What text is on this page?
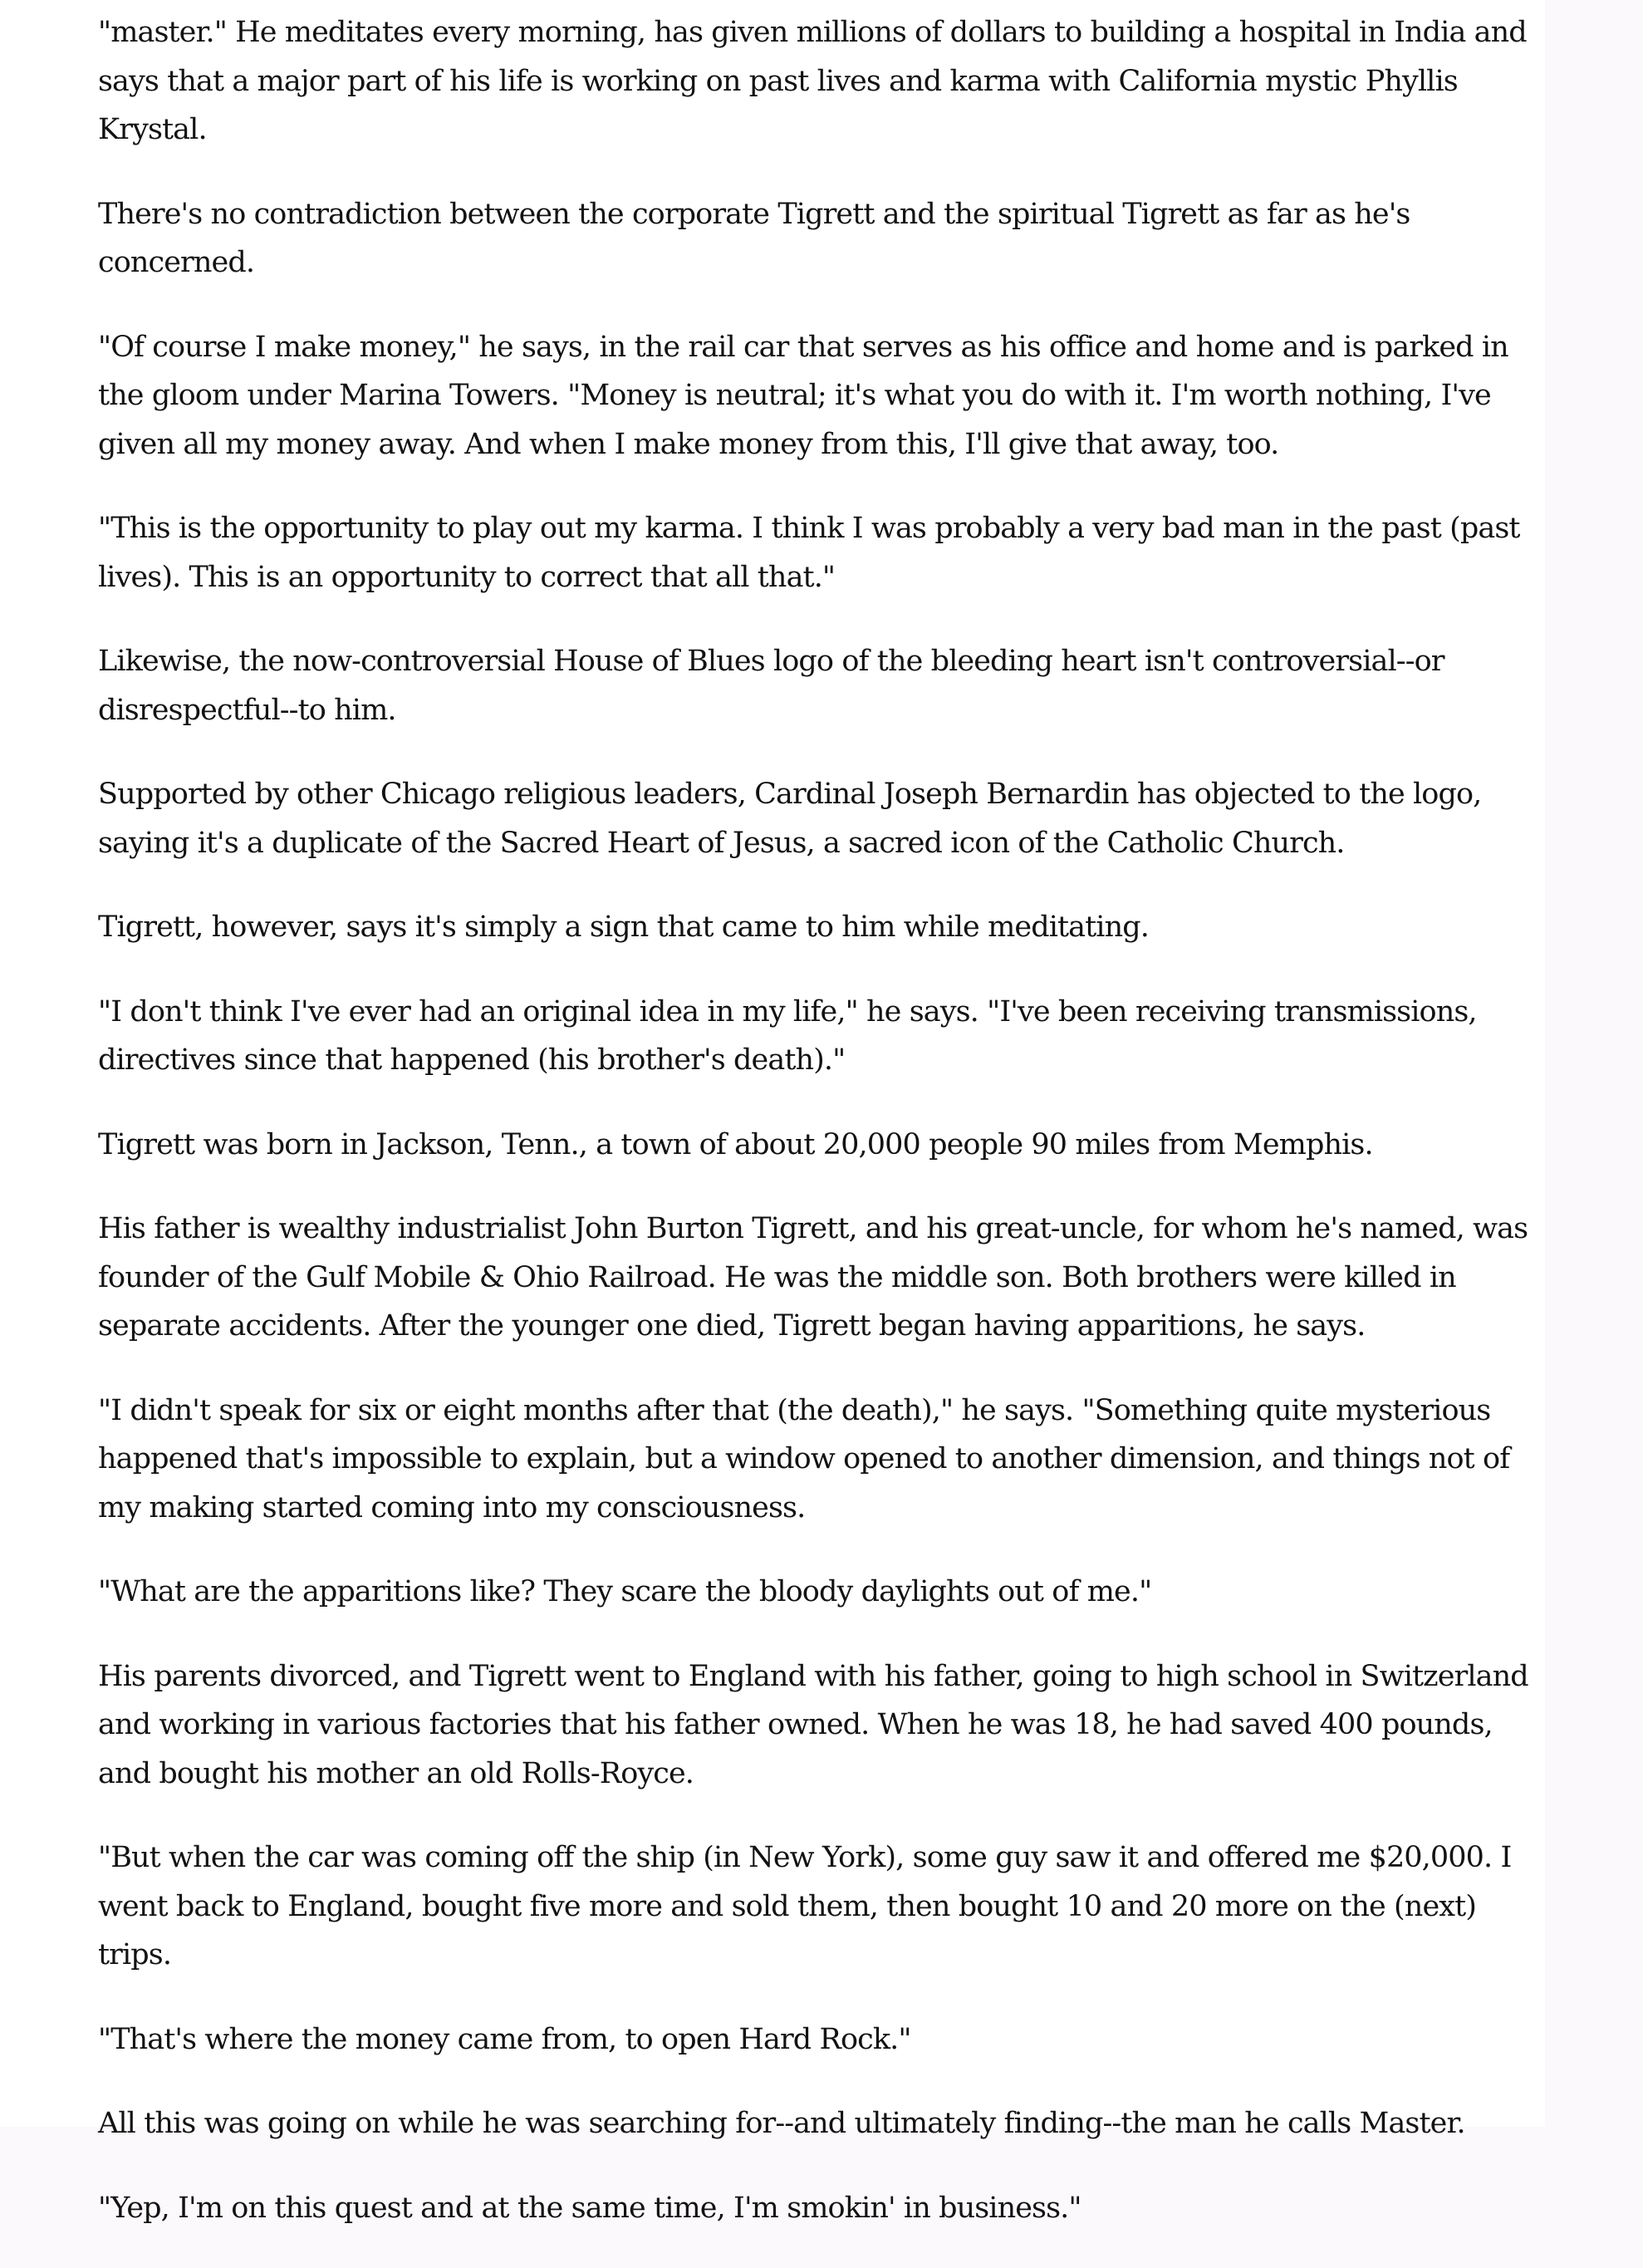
"master." He meditates every morning, has given millions of dollars to building a hospital in India and says that a major part of his life is working on past lives and karma with California mystic Phyllis Krystal.

There's no contradiction between the corporate Tigrett and the spiritual Tigrett as far as he's concerned.

"Of course I make money," he says, in the rail car that serves as his office and home and is parked in the gloom under Marina Towers. "Money is neutral; it's what you do with it. I'm worth nothing, I've given all my money away. And when I make money from this, I'll give that away, too.

"This is the opportunity to play out my karma. I think I was probably a very bad man in the past (past lives). This is an opportunity to correct that all that."

Likewise, the now-controversial House of Blues logo of the bleeding heart isn't controversial--or disrespectful--to him.

Supported by other Chicago religious leaders, Cardinal Joseph Bernardin has objected to the logo, saying it's a duplicate of the Sacred Heart of Jesus, a sacred icon of the Catholic Church.

Tigrett, however, says it's simply a sign that came to him while meditating.

"I don't think I've ever had an original idea in my life," he says. "I've been receiving transmissions, directives since that happened (his brother's death)."

Tigrett was born in Jackson, Tenn., a town of about 20,000 people 90 miles from Memphis.

His father is wealthy industrialist John Burton Tigrett, and his great-uncle, for whom he's named, was founder of the Gulf Mobile & Ohio Railroad. He was the middle son. Both brothers were killed in separate accidents. After the younger one died, Tigrett began having apparitions, he says.

"I didn't speak for six or eight months after that (the death)," he says. "Something quite mysterious happened that's impossible to explain, but a window opened to another dimension, and things not of my making started coming into my consciousness.

"What are the apparitions like? They scare the bloody daylights out of me."

His parents divorced, and Tigrett went to England with his father, going to high school in Switzerland and working in various factories that his father owned. When he was 18, he had saved 400 pounds, and bought his mother an old Rolls-Royce.

"But when the car was coming off the ship (in New York), some guy saw it and offered me $20,000. I went back to England, bought five more and sold them, then bought 10 and 20 more on the (next) trips.

"That's where the money came from, to open Hard Rock."

All this was going on while he was searching for--and ultimately finding--the man he calls Master.

"Yep, I'm on this quest and at the same time, I'm smokin' in business."
